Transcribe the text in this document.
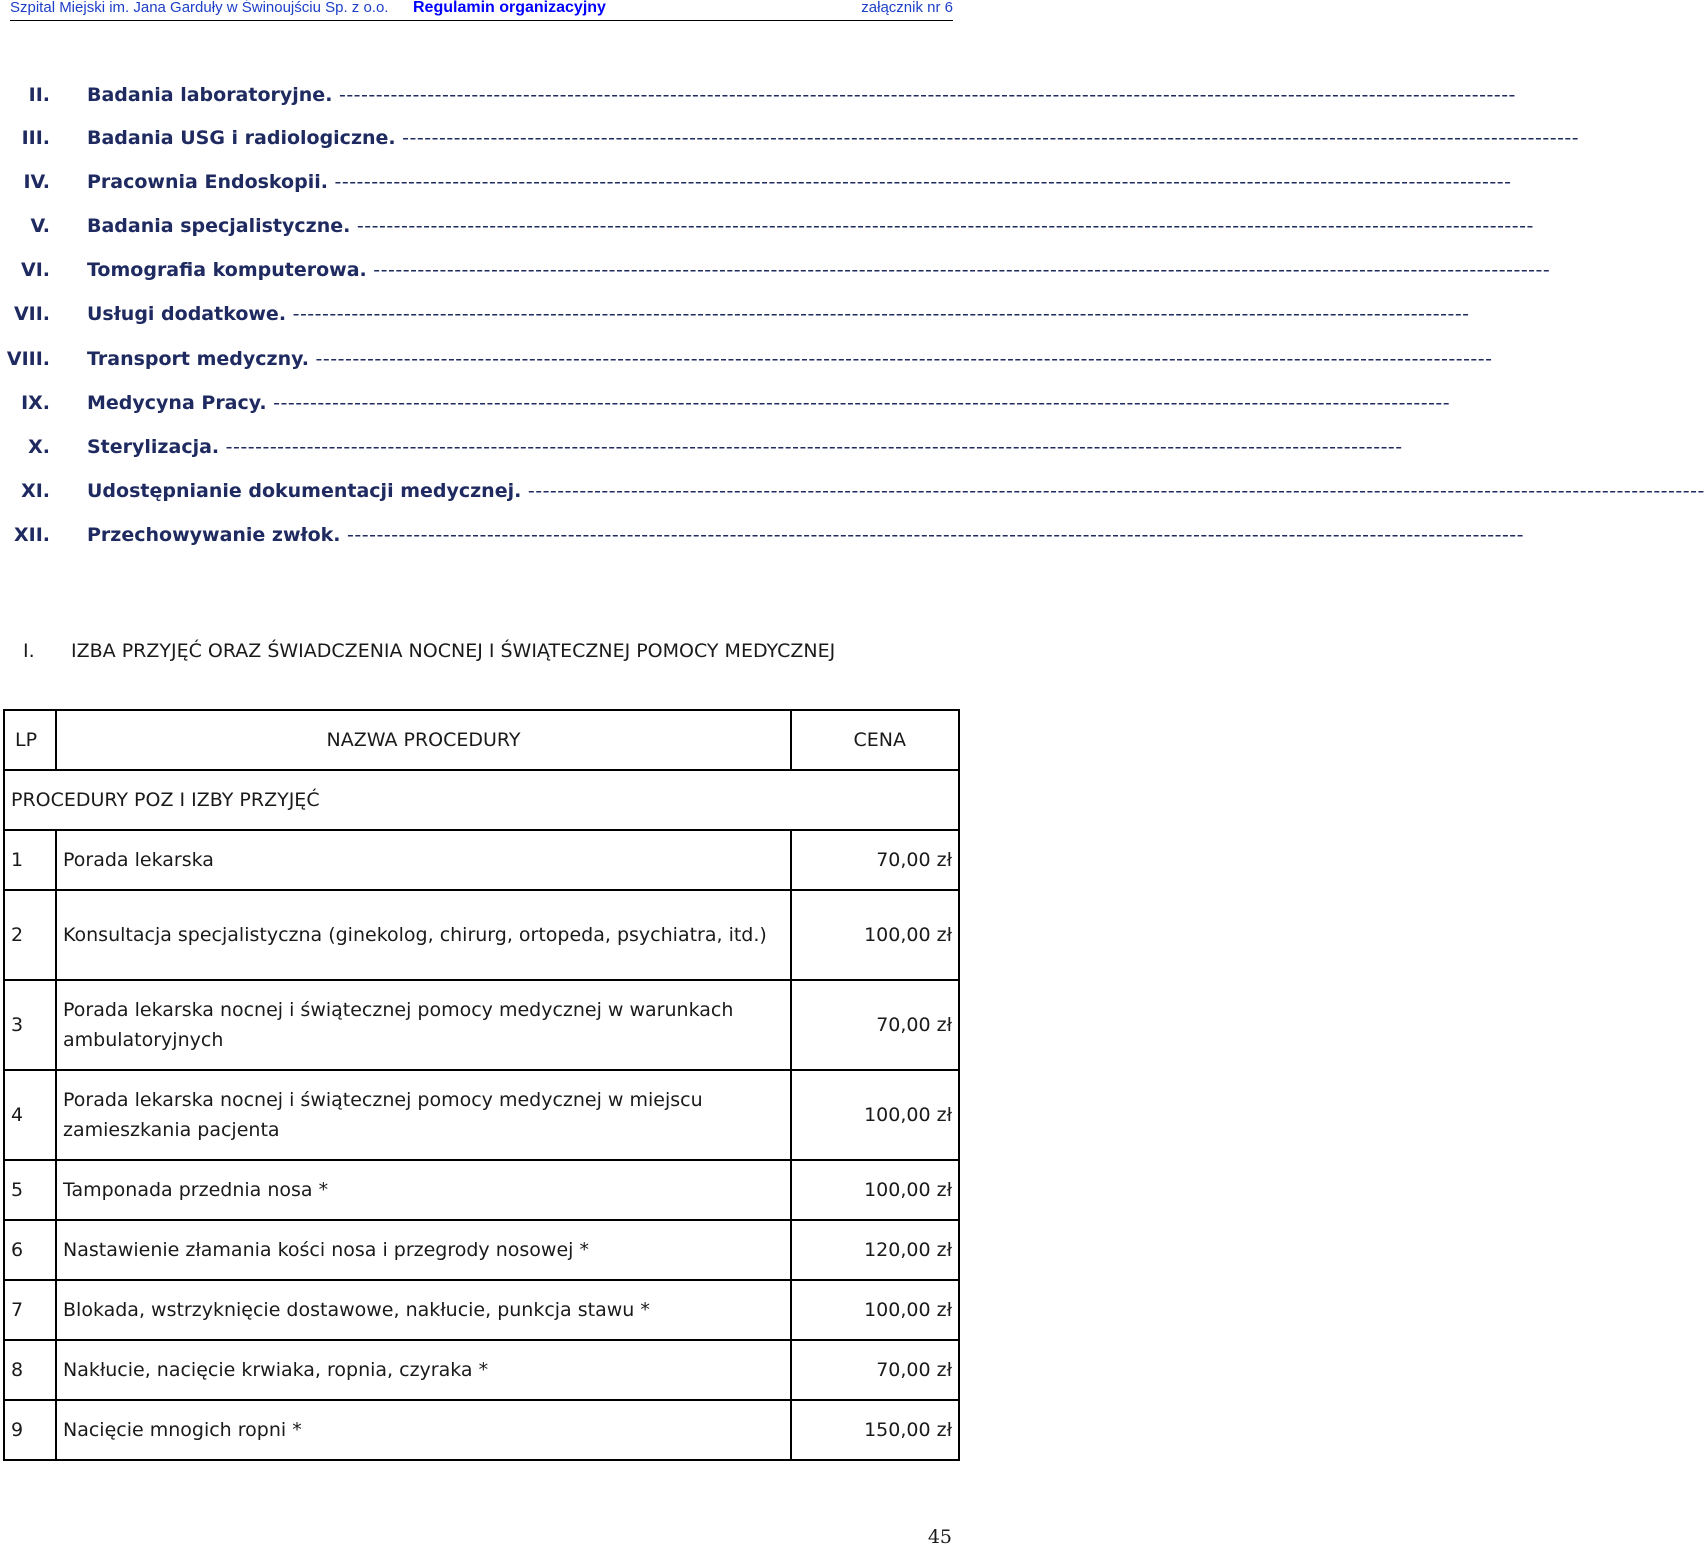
Szpital Miejski im. Jana Garduły w Świnoujściu Sp. z o.o. Regulamin organizacyjny	załącznik nr 6
II. Badania laboratoryjne. ----------------------------------------------------------------------------------------------------------------------------------------------------------------
III. Badania USG i radiologiczne. ----------------------------------------------------------------------------------------------------------------------------------------------------------------
IV. Pracownia Endoskopii. ----------------------------------------------------------------------------------------------------------------------------------------------------------------
V. Badania specjalistyczne. ----------------------------------------------------------------------------------------------------------------------------------------------------------------
VI. Tomografia komputerowa. ----------------------------------------------------------------------------------------------------------------------------------------------------------------
VII. Usługi dodatkowe. ----------------------------------------------------------------------------------------------------------------------------------------------------------------
VIII. Transport medyczny. ----------------------------------------------------------------------------------------------------------------------------------------------------------------
IX. Medycyna Pracy. ----------------------------------------------------------------------------------------------------------------------------------------------------------------
X. Sterylizacja. ----------------------------------------------------------------------------------------------------------------------------------------------------------------
XI. Udostępnianie dokumentacji medycznej. ----------------------------------------------------------------------------------------------------------------------------------------------------------------
XII. Przechowywanie zwłok. ----------------------------------------------------------------------------------------------------------------------------------------------------------------
I. IZBA PRZYJĘĆ ORAZ ŚWIADCZENIA NOCNEJ I ŚWIĄTECZNEJ POMOCY MEDYCZNEJ
LP	NAZWA PROCEDURY	CENA
PROCEDURY POZ I IZBY PRZYJĘĆ		
1	Porada lekarska	70,00 zł
2	Konsultacja specjalistyczna (ginekolog, chirurg, ortopeda, psychiatra, itd.)	100,00 zł
3	Porada lekarska nocnej i świątecznej pomocy medycznej w warunkach ambulatoryjnych	70,00 zł
4	Porada lekarska nocnej i świątecznej pomocy medycznej w miejscu zamieszkania pacjenta	100,00 zł
5	Tamponada przednia nosa *	100,00 zł
6	Nastawienie złamania kości nosa i przegrody nosowej *	120,00 zł
7	Blokada, wstrzyknięcie dostawowe, nakłucie, punkcja stawu *	100,00 zł
8	Nakłucie, nacięcie krwiaka, ropnia, czyraka *	70,00 zł
9	Nacięcie mnogich ropni *	150,00 zł
45
